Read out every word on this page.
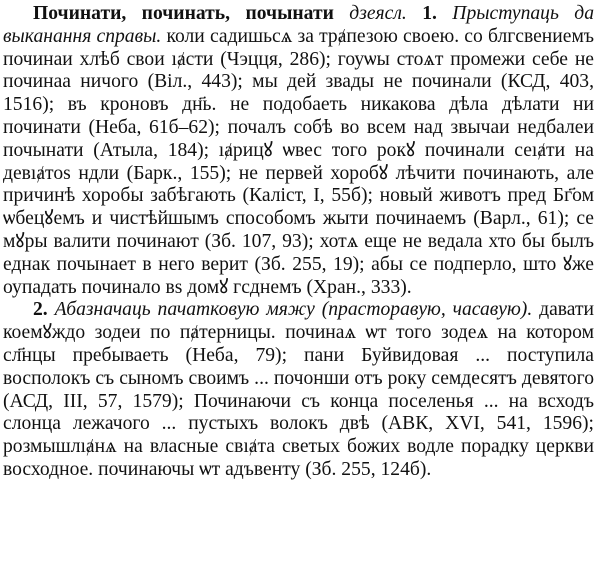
Починати, починать, почынати дзеясл. 1. Прыступаць да выканання справы. коли садишьсѧ за трⱥпезою своею. со блгсвениемъ починаи хлѣб свои ıⱥсти (Чэцця, 286); гоуѡы стоѧт промежи себе не починаа ничого (Віл., 443); мы дей звады не починали (КСД, 403, 1516); въ кроновъ дн҃ь. не подобаеть никакова дѣла дѣлати ни починати (Неба, 61б–62); почалъ собѣ во всем над звычаи недбалеи почынати (Атыла, 184); ıⱥрицꙋ ѡвес того рокꙋ починали сеıⱥти на девıⱥтоѕ ндли (Барк., 155); не первей хоробꙋ лѣчити починають, але причинѣ хоробы забѣгають (Каліст, I, 55б); новый животъ пред Бг҃ом ѡбецꙋемъ и чистѣйшымъ способомъ жыти починаемъ (Варл., 61); се мꙋры валити починают (Зб. 107, 93); хотѧ еще не ведала хто бы былъ еднак почынает в него верит (Зб. 255, 19); абы се подперло, што ꙋже оупадать починало вѕ домꙋ гсднемъ (Хран., 333).

2. Абазначаць пачатковую мяжу (прасторавую, часавую). давати коемꙋждо зодеи по пⱥтерницы. починаѧ ѡт того зодеѧ на котором сл҃нцы пребываеть (Неба, 79); пани Буйвидовая ... поступила восполокъ съ сыномъ своимъ ... почонши отъ року семдесятъ девятого (АСД, III, 57, 1579); Починаючи съ конца поселенья ... на всходъ слонца лежачого ... пустыхъ волокъ двѣ (АВК, XVI, 541, 1596); розмышлıⱥнѧ на власные свıⱥта светых божих водле порадку церкви восходное. починаючы ѡт адъвенту (Зб. 255, 124б).
